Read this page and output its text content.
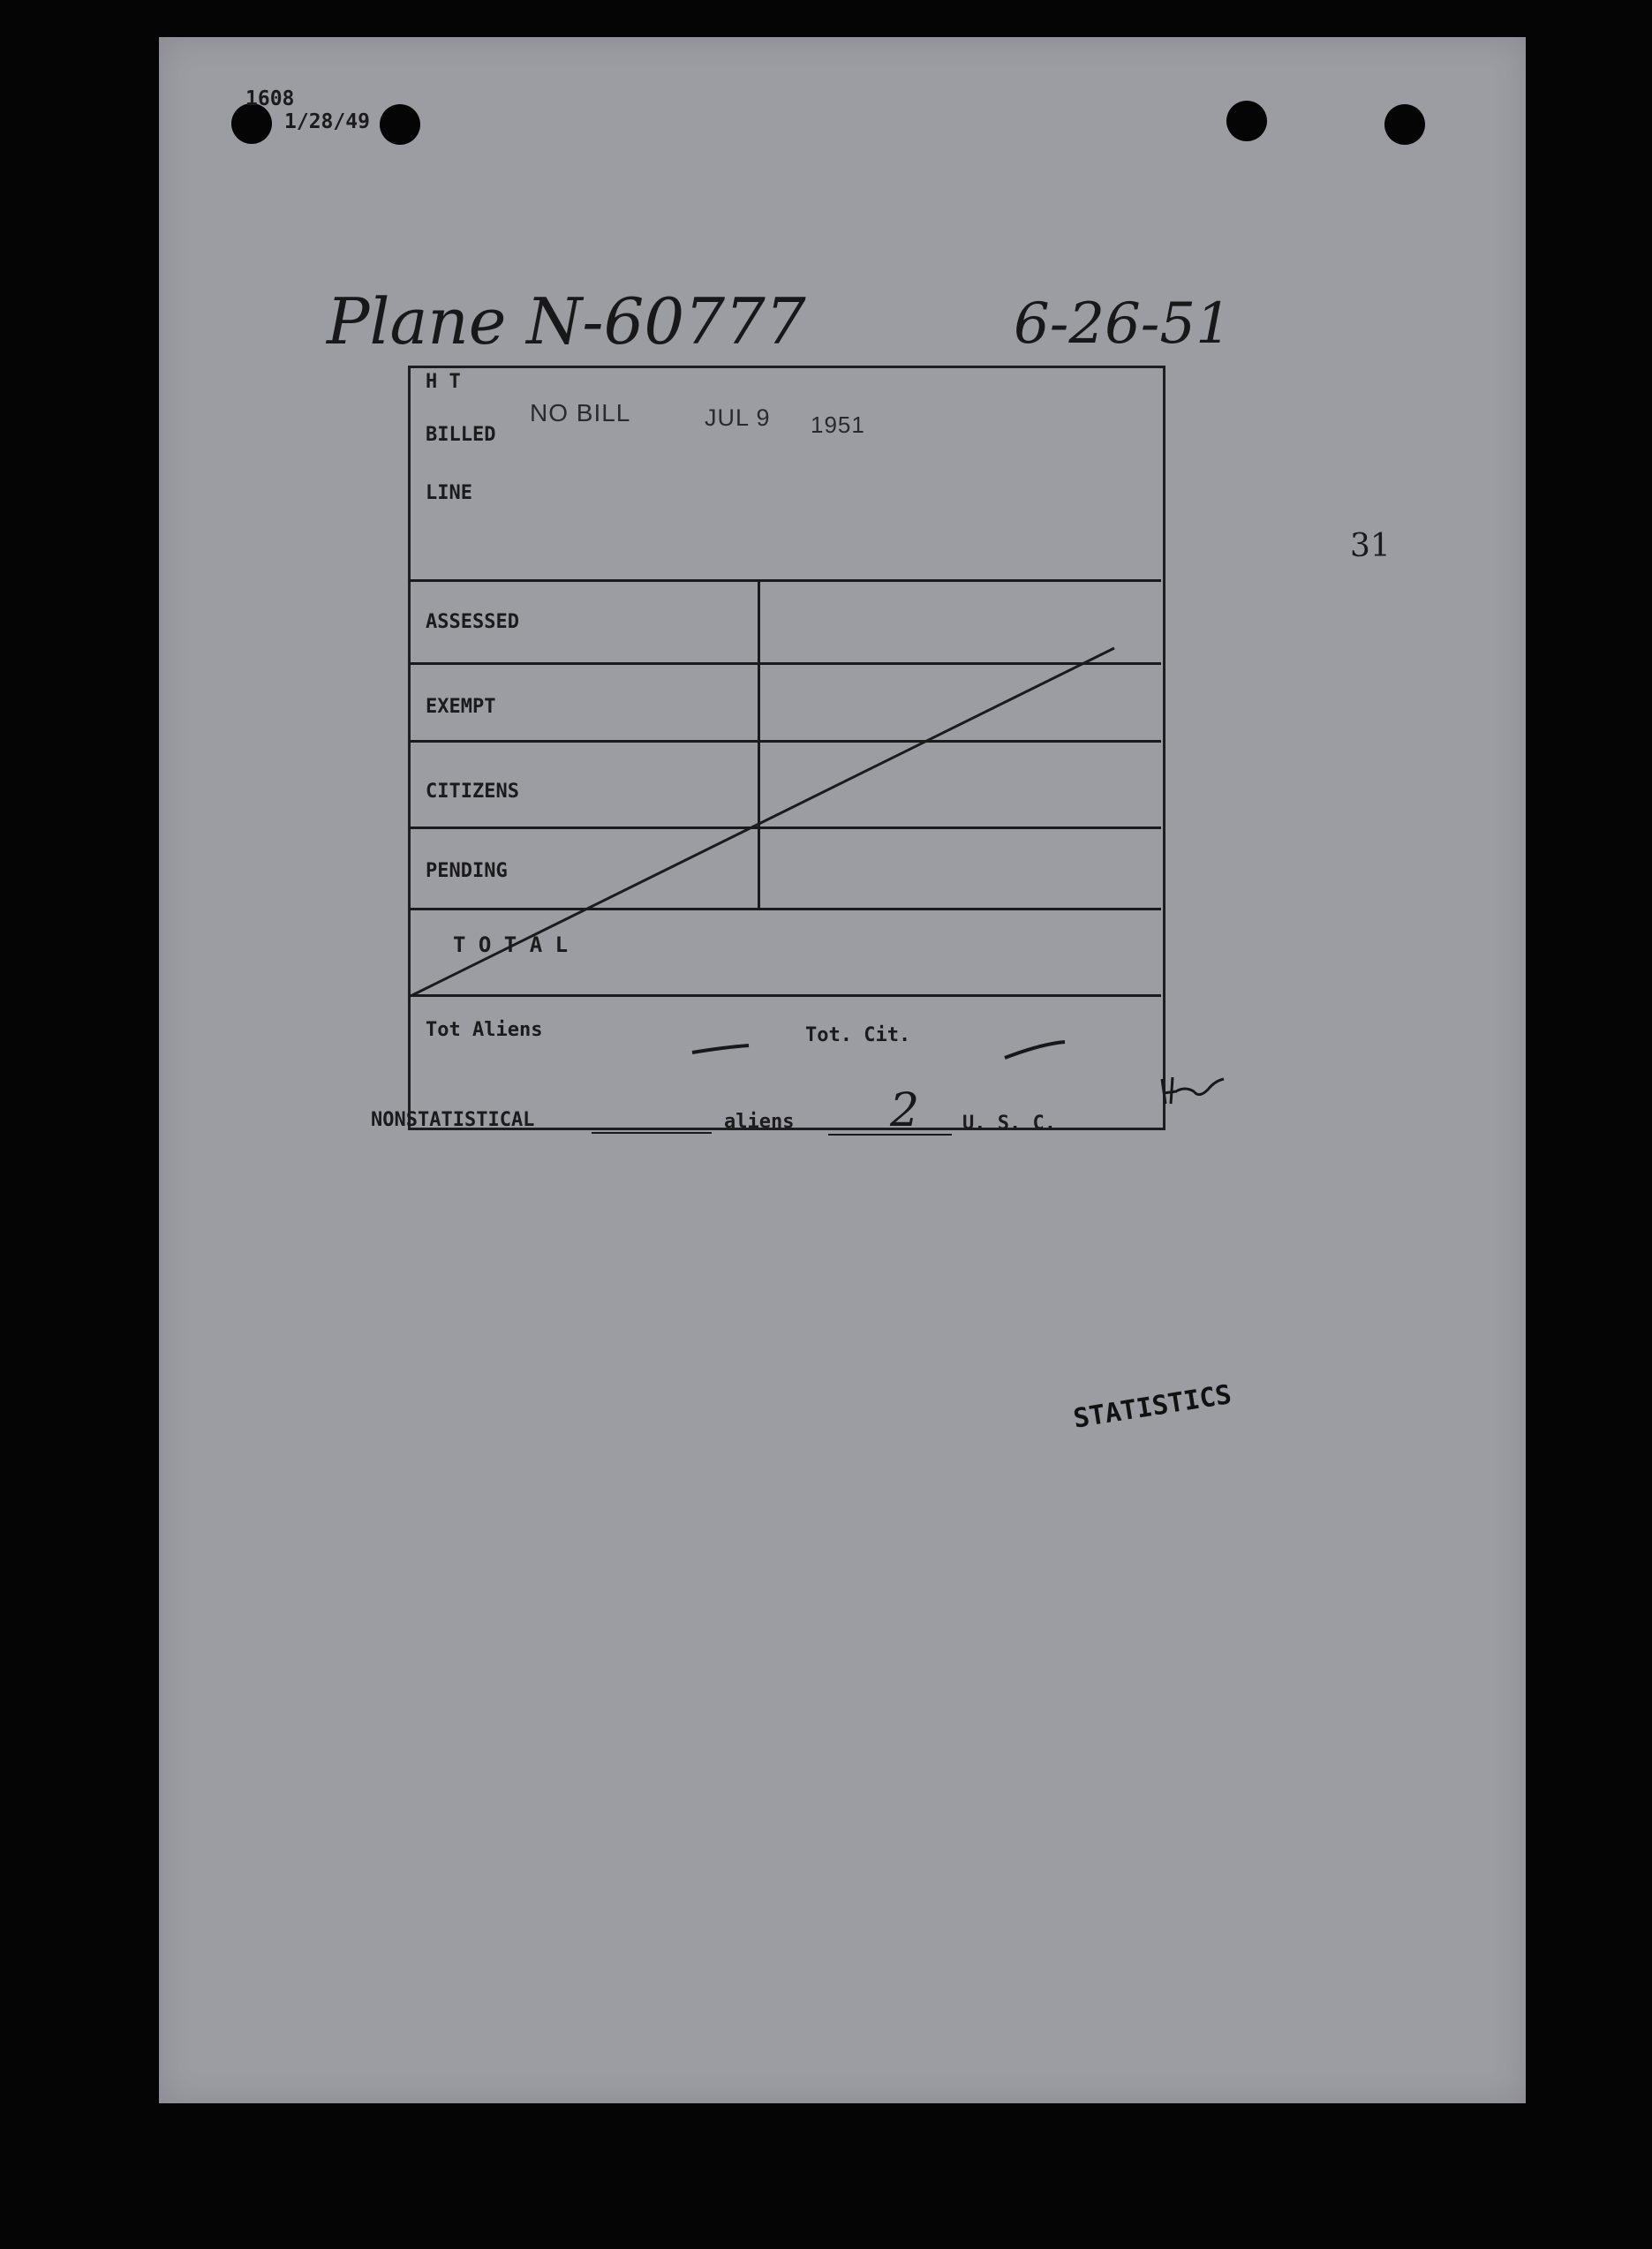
1608
1/28/49
Plane N-60777	6-26-51
31
H T
BILLED
LINE
ASSESSED
EXEMPT
CITIZENS
PENDING
T O T A L
Tot Aliens	Tot. Cit.
NO BILL	JUL 9 1951
NONSTATISTICAL	aliens 2 U. S. C.
STATISTICS
